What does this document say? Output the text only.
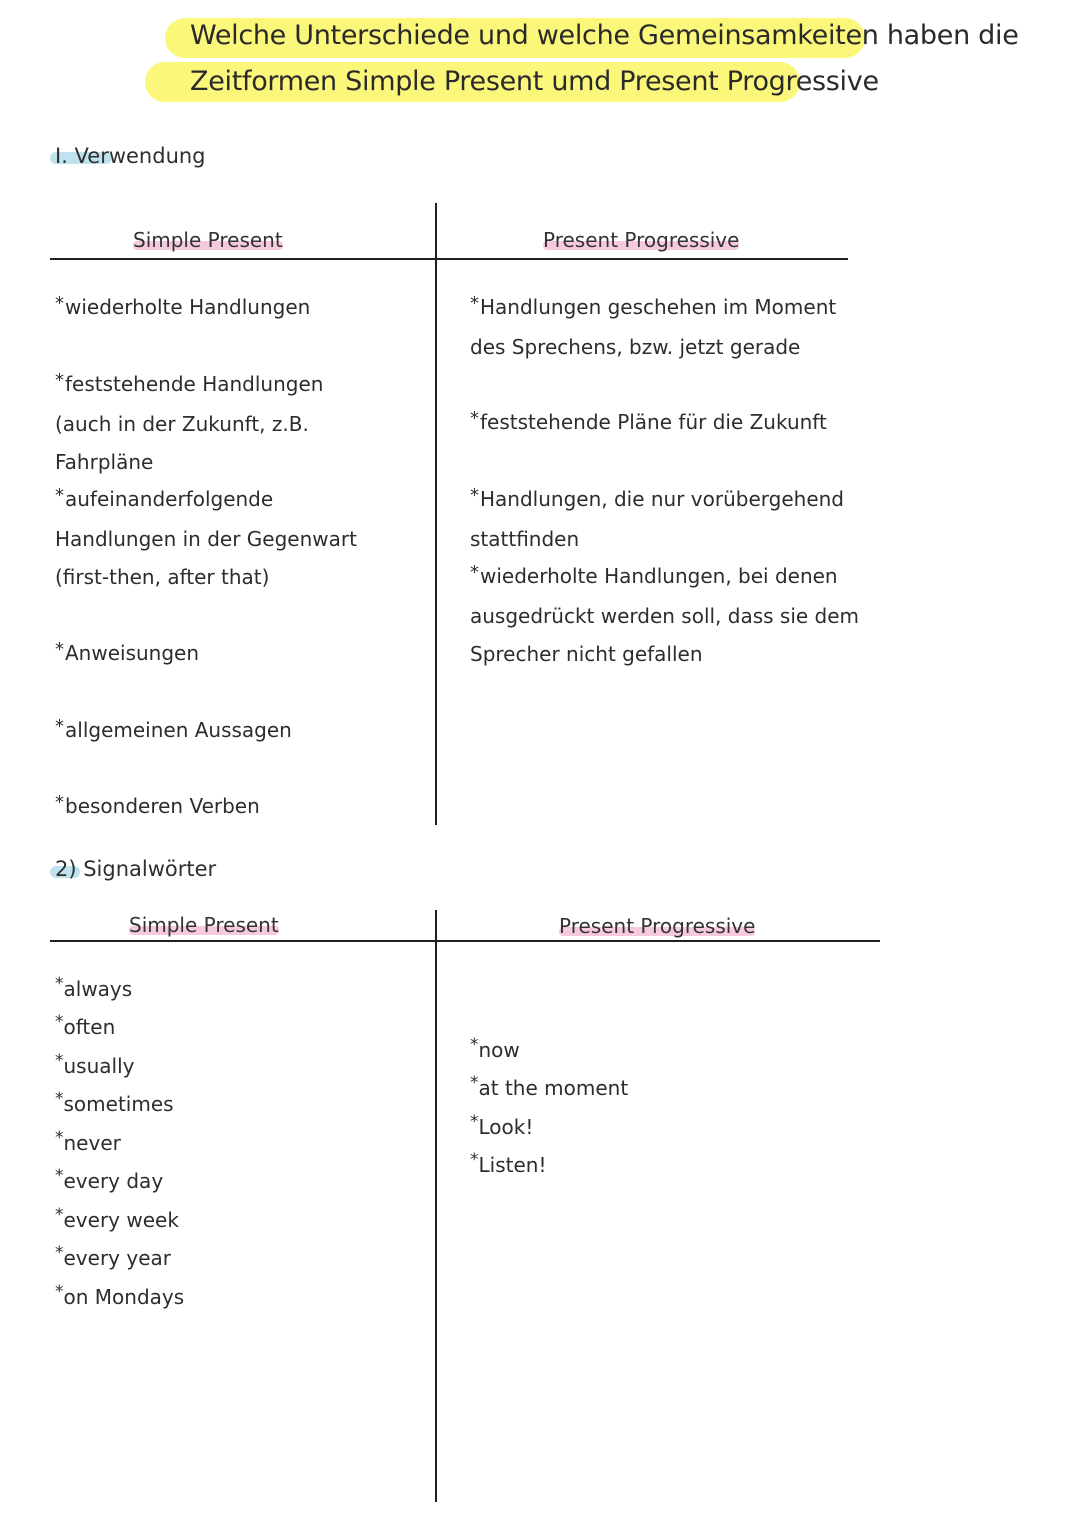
Welche Unterschiede und welche Gemeinsamkeiten haben die
Zeitformen Simple Present umd Present Progressive
I. Verwendung
Simple Present	Present Progressive
* wiederholte Handlungen
* feststehende Handlungen (auch in der Zukunft, z.B. Fahrpläne
* aufeinanderfolgende Handlungen in der Gegenwart (first-then, after that)
* Anweisungen
* allgemeinen Aussagen
* besonderen Verben
* Handlungen geschehen im Moment des Sprechens, bzw. jetzt gerade
* feststehende Pläne für die Zukunft
* Handlungen, die nur vorübergehend stattfinden
* wiederholte Handlungen, bei denen ausgedrückt werden soll, dass sie dem Sprecher nicht gefallen
2) Signalwörter
Simple Present	Present Progressive
* always
* often
* usually
* sometimes
* never
* every day
* every week
* every year
* on Mondays
* now
* at the moment
* Look!
* Listen!
